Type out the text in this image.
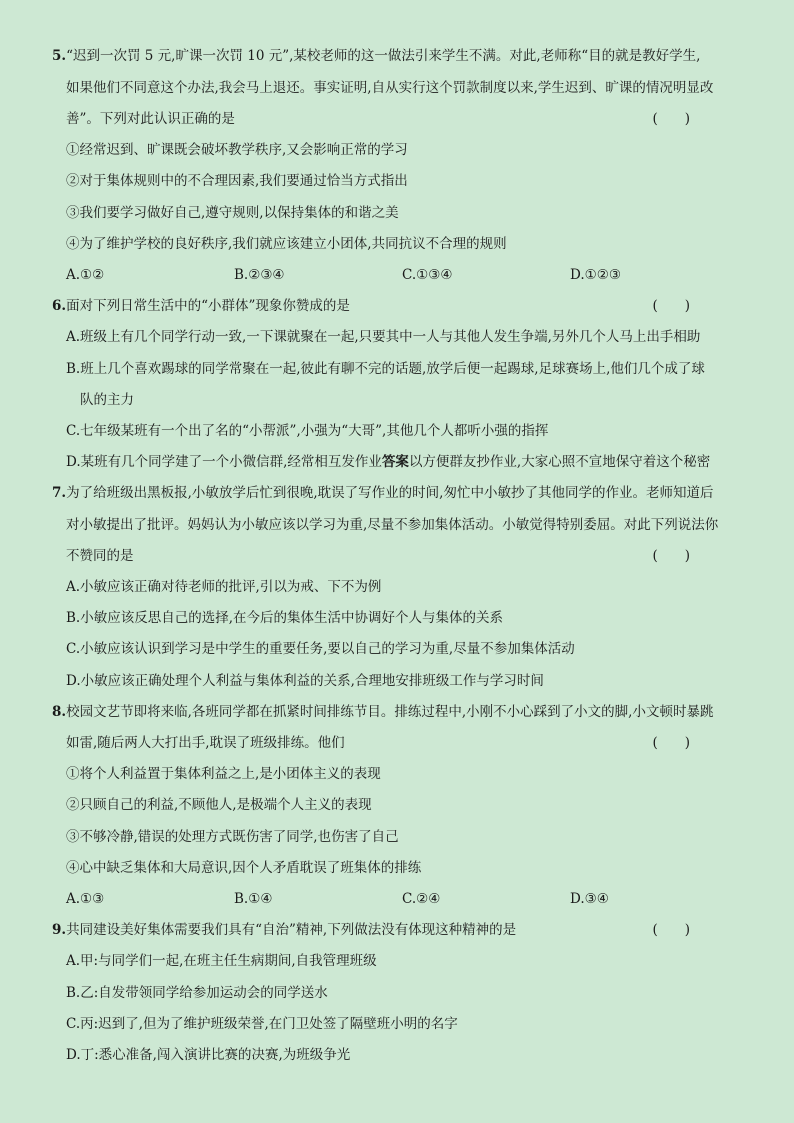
5.“迟到一次罚 5 元,旷课一次罚 10 元”,某校老师的这一做法引来学生不满。对此,老师称“目的就是教好学生,
如果他们不同意这个办法,我会马上退还。事实证明,自从实行这个罚款制度以来,学生迟到、旷课的情况明显改
善”。下列对此认识正确的是	(　　)
①经常迟到、旷课既会破坏教学秩序,又会影响正常的学习
②对于集体规则中的不合理因素,我们要通过恰当方式指出
③我们要学习做好自己,遵守规则,以保持集体的和谐之美
④为了维护学校的良好秩序,我们就应该建立小团体,共同抗议不合理的规则
A.①②	B.②③④	C.①③④	D.①②③
6.面对下列日常生活中的“小群体”现象你赞成的是	(　　)
A.班级上有几个同学行动一致,一下课就聚在一起,只要其中一人与其他人发生争端,另外几个人马上出手相助
B.班上几个喜欢踢球的同学常聚在一起,彼此有聊不完的话题,放学后便一起踢球,足球赛场上,他们几个成了球
队的主力
C.七年级某班有一个出了名的“小帮派”,小强为“大哥”,其他几个人都听小强的指挥
D.某班有几个同学建了一个小微信群,经常相互发作业答案以方便群友抄作业,大家心照不宣地保守着这个秘密
7.为了给班级出黑板报,小敏放学后忙到很晚,耽误了写作业的时间,匆忙中小敏抄了其他同学的作业。老师知道后
对小敏提出了批评。妈妈认为小敏应该以学习为重,尽量不参加集体活动。小敏觉得特别委屈。对此下列说法你
不赞同的是	(　　)
A.小敏应该正确对待老师的批评,引以为戒、下不为例
B.小敏应该反思自己的选择,在今后的集体生活中协调好个人与集体的关系
C.小敏应该认识到学习是中学生的重要任务,要以自己的学习为重,尽量不参加集体活动
D.小敏应该正确处理个人利益与集体利益的关系,合理地安排班级工作与学习时间
8.校园文艺节即将来临,各班同学都在抓紧时间排练节目。排练过程中,小刚不小心踩到了小文的脚,小文顿时暴跳
如雷,随后两人大打出手,耽误了班级排练。他们	(　　)
①将个人利益置于集体利益之上,是小团体主义的表现
②只顾自己的利益,不顾他人,是极端个人主义的表现
③不够冷静,错误的处理方式既伤害了同学,也伤害了自己
④心中缺乏集体和大局意识,因个人矛盾耽误了班集体的排练
A.①③	B.①④	C.②④	D.③④
9.共同建设美好集体需要我们具有“自治”精神,下列做法没有体现这种精神的是	(　　)
A.甲:与同学们一起,在班主任生病期间,自我管理班级
B.乙:自发带领同学给参加运动会的同学送水
C.丙:迟到了,但为了维护班级荣誉,在门卫处签了隔壁班小明的名字
D.丁:悉心准备,闯入演讲比赛的决赛,为班级争光
